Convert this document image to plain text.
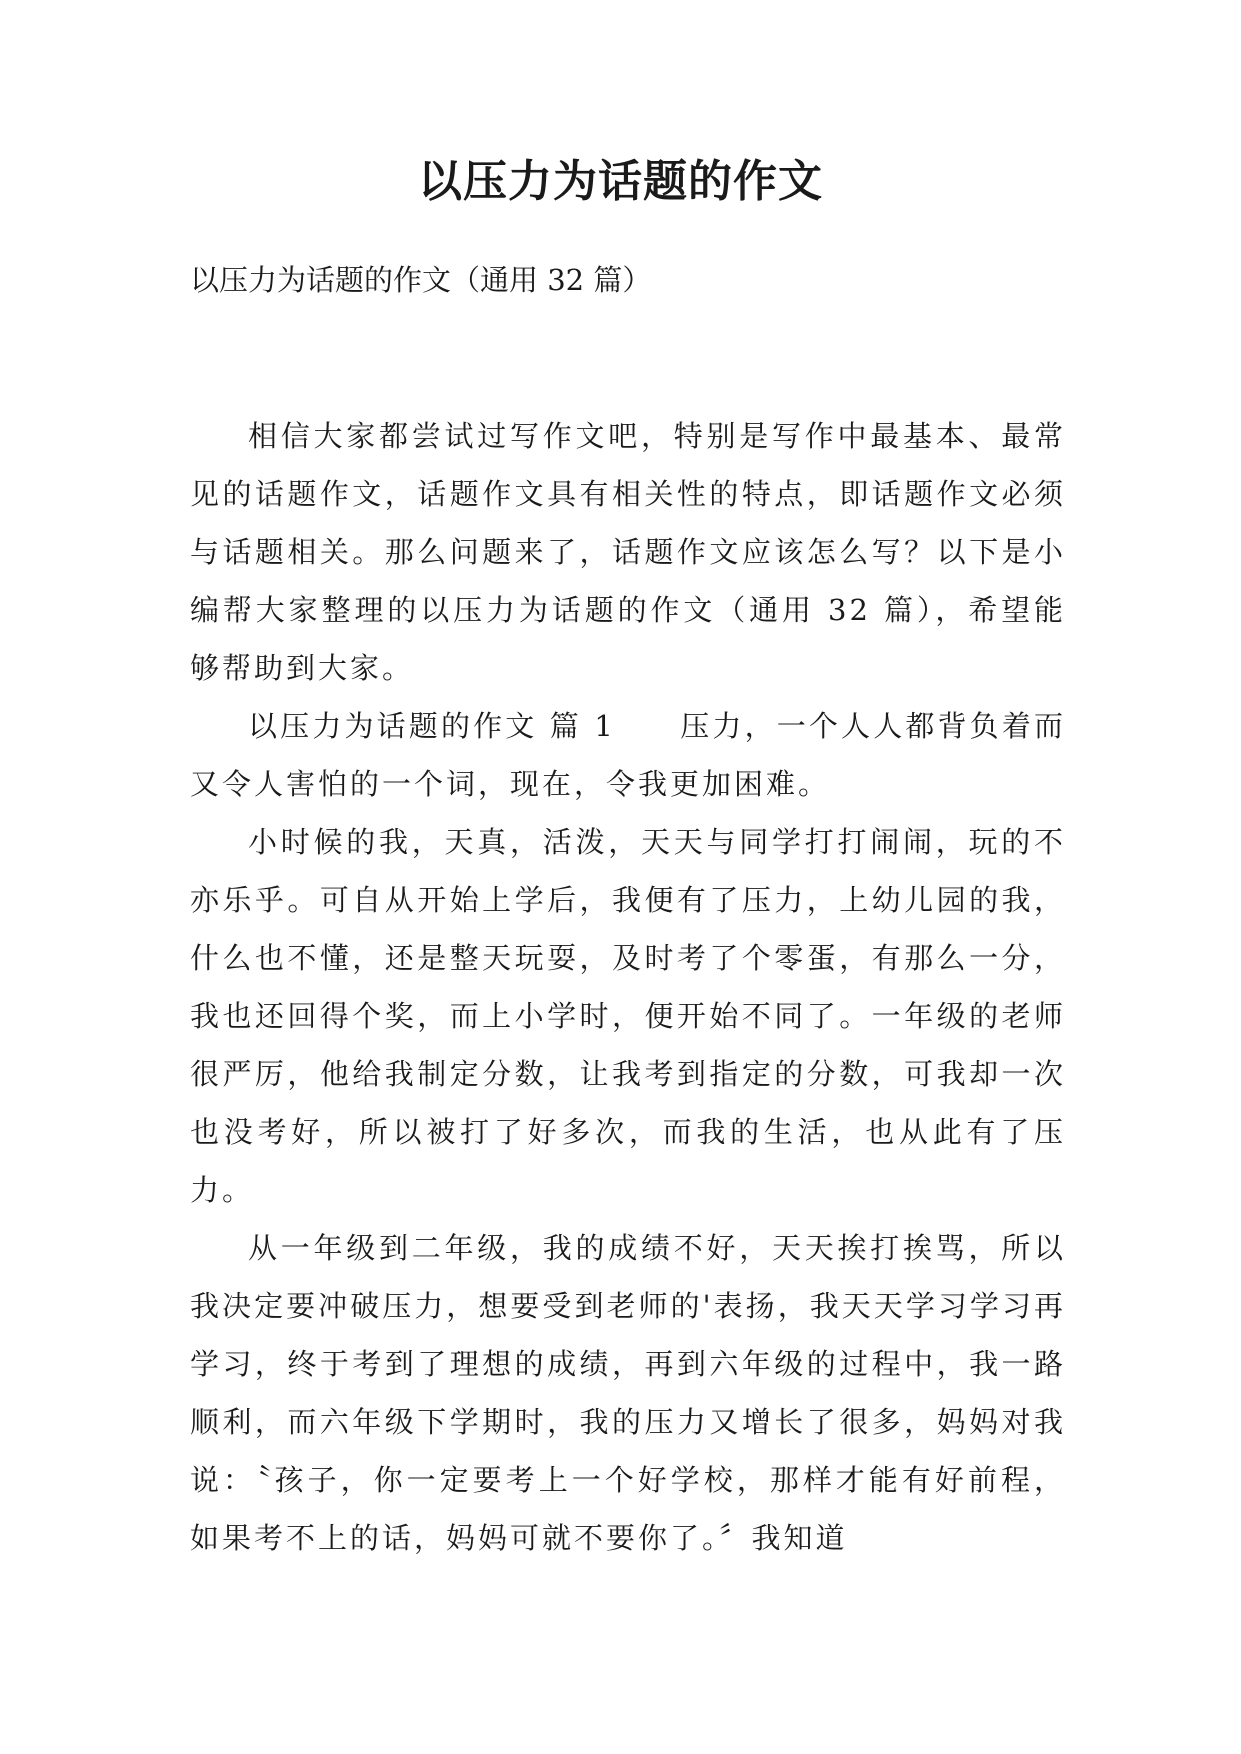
以压力为话题的作文
以压力为话题的作文（通用 32 篇）

相信大家都尝试过写作文吧，特别是写作中最基本、最常见的话题作文，话题作文具有相关性的特点，即话题作文必须与话题相关。那么问题来了，话题作文应该怎么写？以下是小编帮大家整理的以压力为话题的作文（通用 32 篇），希望能够帮助到大家。

以压力为话题的作文 篇 1　　压力，一个人人都背负着而又令人害怕的一个词，现在，令我更加困难。

小时候的我，天真，活泼，天天与同学打打闹闹，玩的不亦乐乎。可自从开始上学后，我便有了压力，上幼儿园的我，什么也不懂，还是整天玩耍，及时考了个零蛋，有那么一分，我也还回得个奖，而上小学时，便开始不同了。一年级的老师很严厉，他给我制定分数，让我考到指定的分数，可我却一次也没考好，所以被打了好多次，而我的生活，也从此有了压力。

从一年级到二年级，我的成绩不好，天天挨打挨骂，所以我决定要冲破压力，想要受到老师的'表扬，我天天学习学习再学习，终于考到了理想的成绩，再到六年级的过程中，我一路顺利，而六年级下学期时，我的压力又增长了很多，妈妈对我说：〝孩子，你一定要考上一个好学校，那样才能有好前程，如果考不上的话，妈妈可就不要你了。〞我知道
